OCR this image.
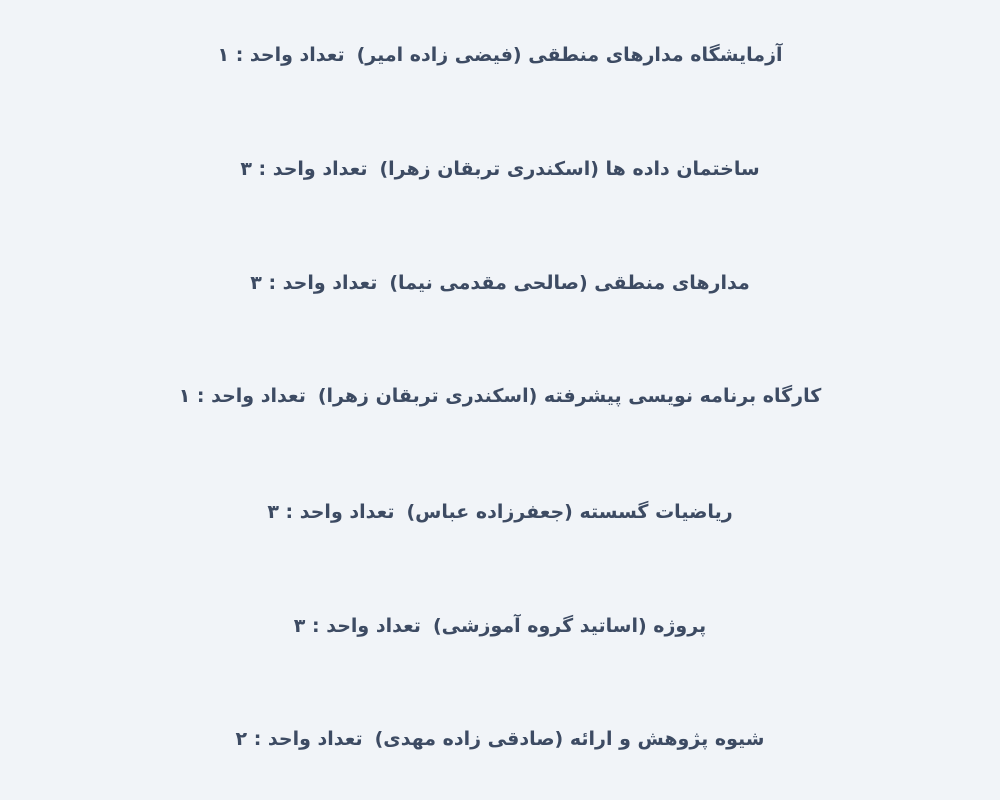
آزمایشگاه مدارهای منطقی (فیضی زاده امیر)تعداد واحد : ۱
ساختمان داده ها (اسکندری تربقان زهرا)تعداد واحد : ۳
مدارهای منطقی (صالحی مقدمی نیما)تعداد واحد : ۳
کارگاه برنامه نویسی پیشرفته (اسکندری تربقان زهرا)تعداد واحد : ۱
ریاضیات گسسته (جعفرزاده عباس)تعداد واحد : ۳
پروژه (اساتید گروه آموزشی)تعداد واحد : ۳
شیوه پژوهش و ارائه (صادقی زاده مهدی)تعداد واحد : ۲
